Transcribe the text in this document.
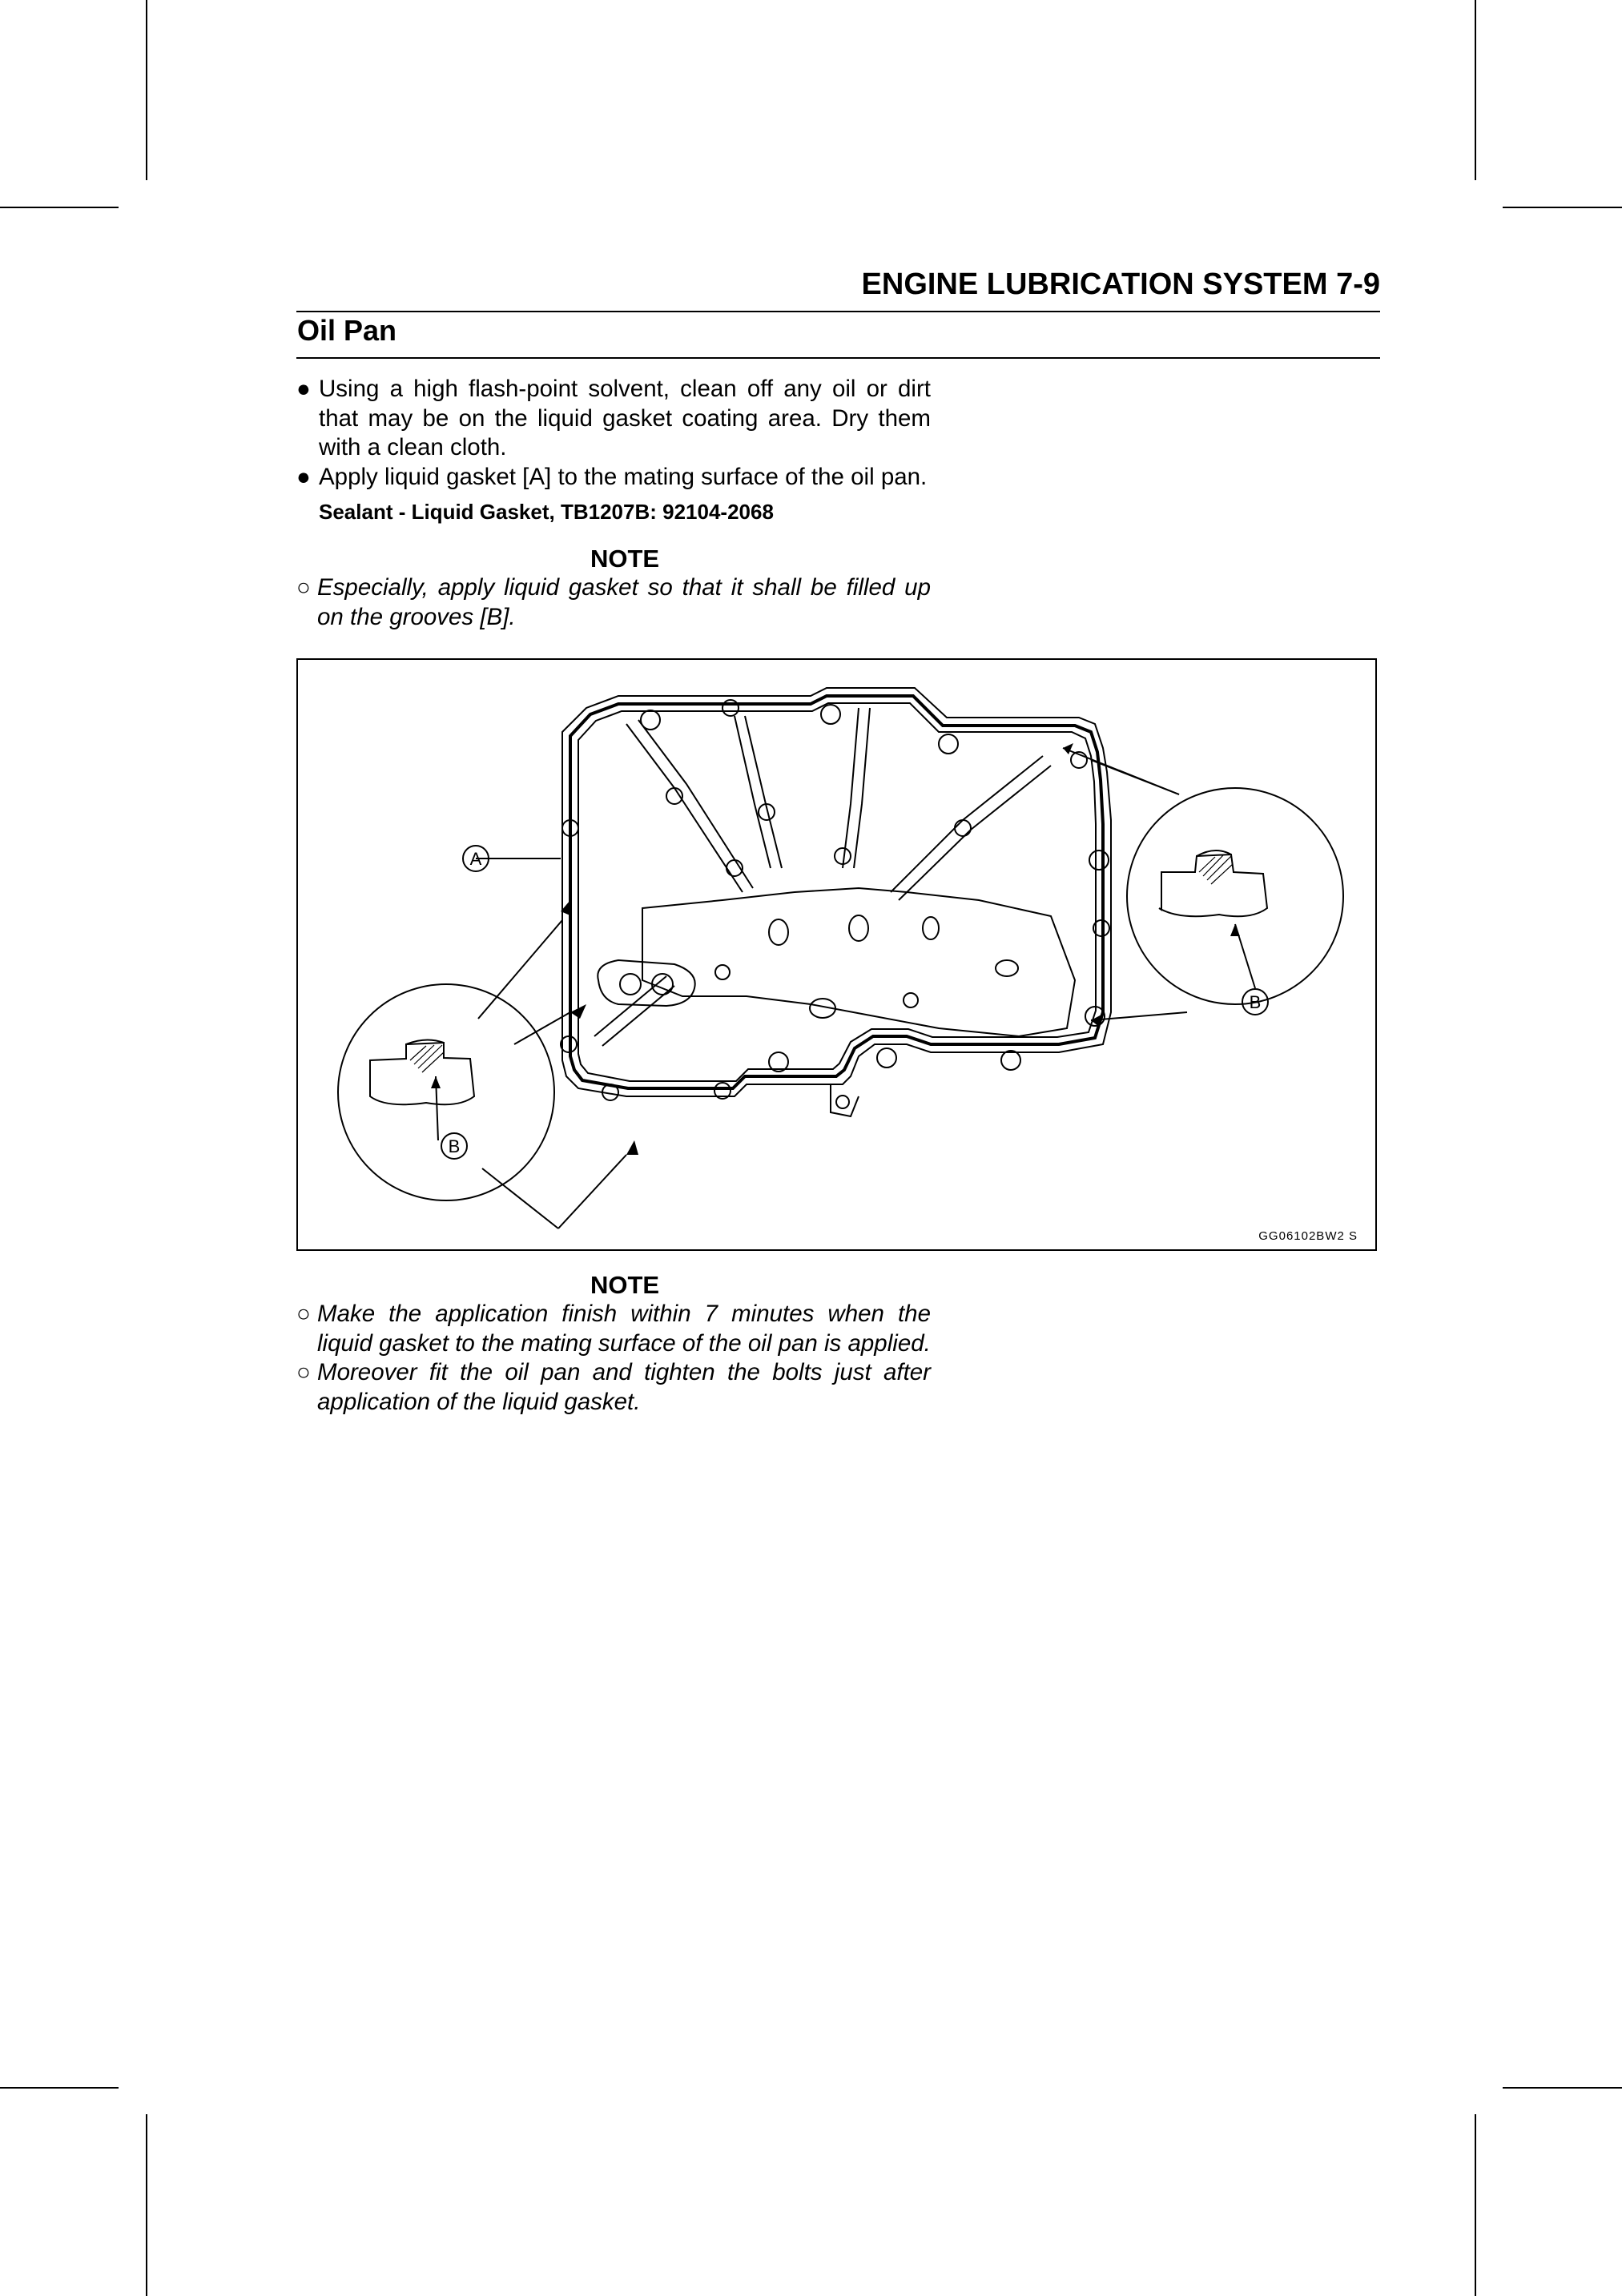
ENGINE LUBRICATION SYSTEM 7-9
Oil Pan
● Using a high flash-point solvent, clean off any oil or dirt that may be on the liquid gasket coating area. Dry them with a clean cloth.
● Apply liquid gasket [A] to the mating surface of the oil pan.
Sealant - Liquid Gasket, TB1207B: 92104-2068
NOTE
○ Especially, apply liquid gasket so that it shall be filled up on the grooves [B].
A
B
B
GG06102BW2 S
NOTE
○ Make the application finish within 7 minutes when the liquid gasket to the mating surface of the oil pan is applied.
○ Moreover fit the oil pan and tighten the bolts just after application of the liquid gasket.
